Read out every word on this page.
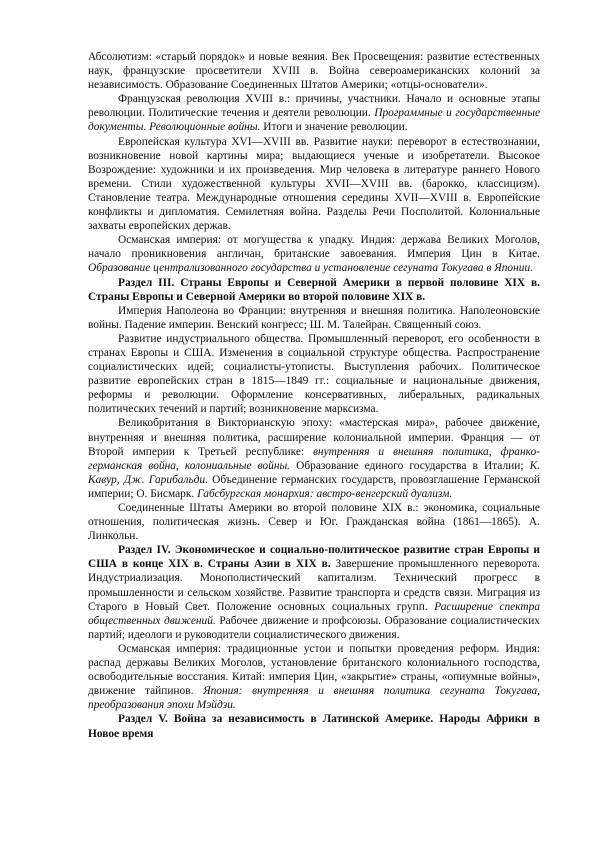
Абсолютизм: «старый порядок» и новые веяния. Век Просвещения: развитие естественных наук, французские просветители XVIII в. Война североамериканских колоний за независимость. Образование Соединенных Штатов Америки; «отцы-основатели».

Французская революция XVIII в.: причины, участники. Начало и основные этапы революции. Политические течения и деятели революции. Программные и государственные документы. Революционные войны. Итоги и значение революции.

Европейская культура XVI—XVIII вв. Развитие науки: переворот в естествознании, возникновение новой картины мира; выдающиеся ученые и изобретатели. Высокое Возрождение: художники и их произведения. Мир человека в литературе раннего Нового времени. Стили художественной культуры XVII—XVIII вв. (барокко, классицизм). Становление театра. Международные отношения середины XVII—XVIII в. Европейские конфликты и дипломатия. Семилетняя война. Разделы Речи Посполитой. Колониальные захваты европейских держав.

Османская империя: от могущества к упадку. Индия: держава Великих Моголов, начало проникновения англичан, британские завоевания. Империя Цин в Китае. Образование централизованного государства и установление сегуната Токугава в Японии.

Раздел III. Страны Европы и Северной Америки в первой половине XIX в. Страны Европы и Северной Америки во второй половине XIX в.

Империя Наполеона во Франции: внутренняя и внешняя политика. Наполеоновские войны. Падение империи. Венский конгресс; Ш. М. Талейран. Священный союз.

Развитие индустриального общества. Промышленный переворот, его особенности в странах Европы и США. Изменения в социальной структуре общества. Распространение социалистических идей; социалисты-утописты. Выступления рабочих. Политическое развитие европейских стран в 1815—1849 гг.: социальные и национальные движения, реформы и революции. Оформление консервативных, либеральных, радикальных политических течений и партий; возникновение марксизма.

Великобритания в Викторианскую эпоху: «мастерская мира», рабочее движение, внутренняя и внешняя политика, расширение колониальной империи. Франция — от Второй империи к Третьей республике: внутренняя и внешняя политика, франко-германская война, колониальные войны. Образование единого государства в Италии; К. Кавур, Дж. Гарибальди. Объединение германских государств, провозглашение Германской империи; О. Бисмарк. Габсбургская монархия: австро-венгерский дуализм.

Соединенные Штаты Америки во второй половине XIX в.: экономика, социальные отношения, политическая жизнь. Север и Юг. Гражданская война (1861—1865). А. Линкольн.

Раздел IV. Экономическое и социально-политическое развитие стран Европы и США в конце XIX в. Страны Азии в XIX в. Завершение промышленного переворота. Индустриализация. Монополистический капитализм. Технический прогресс в промышленности и сельском хозяйстве. Развитие транспорта и средств связи. Миграция из Старого в Новый Свет. Положение основных социальных групп. Расширение спектра общественных движений. Рабочее движение и профсоюзы. Образование социалистических партий; идеологи и руководители социалистического движения.

Османская империя: традиционные устои и попытки проведения реформ. Индия: распад державы Великих Моголов, установление британского колониального господства, освободительные восстания. Китай: империя Цин, «закрытие» страны, «опиумные войны», движение тайпинов. Япония: внутренняя и внешняя политика сегуната Токугава, преобразования эпохи Мэйдзи.

Раздел V. Война за независимость в Латинской Америке. Народы Африки в Новое время
